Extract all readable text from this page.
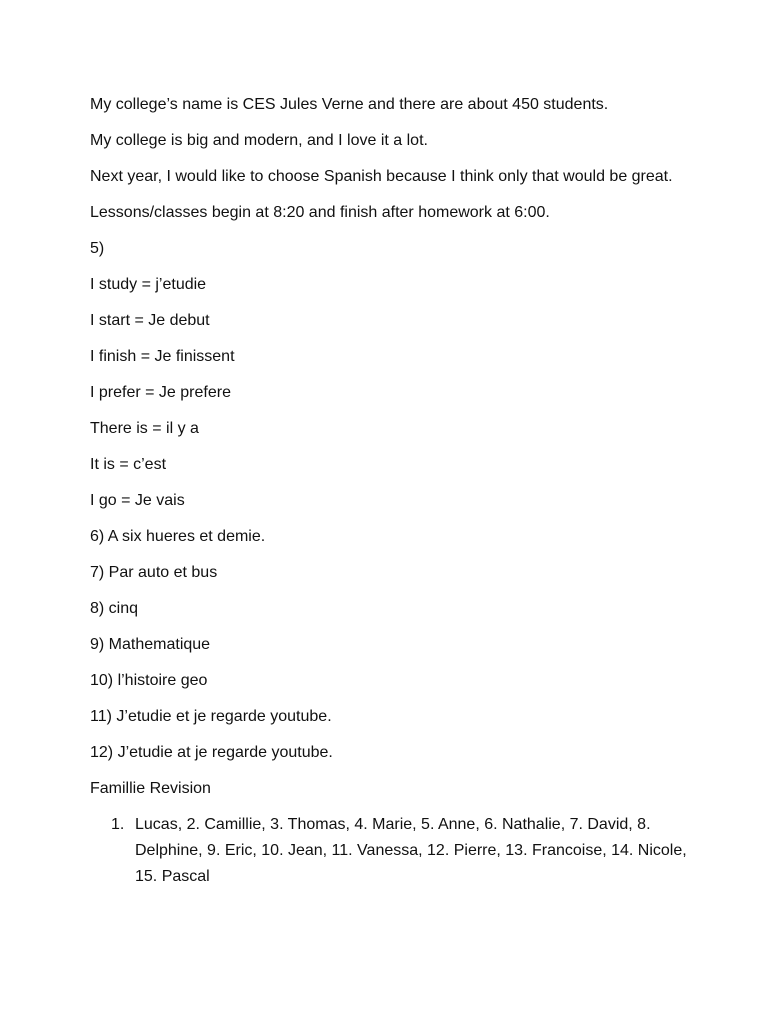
My college’s name is CES Jules Verne and there are about 450 students.

My college is big and modern, and I love it a lot.

Next year, I would like to choose Spanish because I think only that would be great.

Lessons/classes begin at 8:20 and finish after homework at 6:00.

5)

I study = j’etudie

I start = Je debut

I finish = Je finissent

I prefer = Je prefere

There is = il y a

It is = c’est

I go = Je vais

6) A six hueres et demie.

7) Par auto et bus

8) cinq

9) Mathematique

10) l’histoire geo

11) J’etudie et je regarde youtube.

12) J’etudie at je regarde youtube.

Famillie Revision

1. Lucas, 2. Camillie, 3. Thomas, 4. Marie, 5. Anne, 6. Nathalie, 7. David, 8. Delphine, 9. Eric, 10. Jean, 11. Vanessa, 12. Pierre, 13. Francoise, 14. Nicole, 15. Pascal
